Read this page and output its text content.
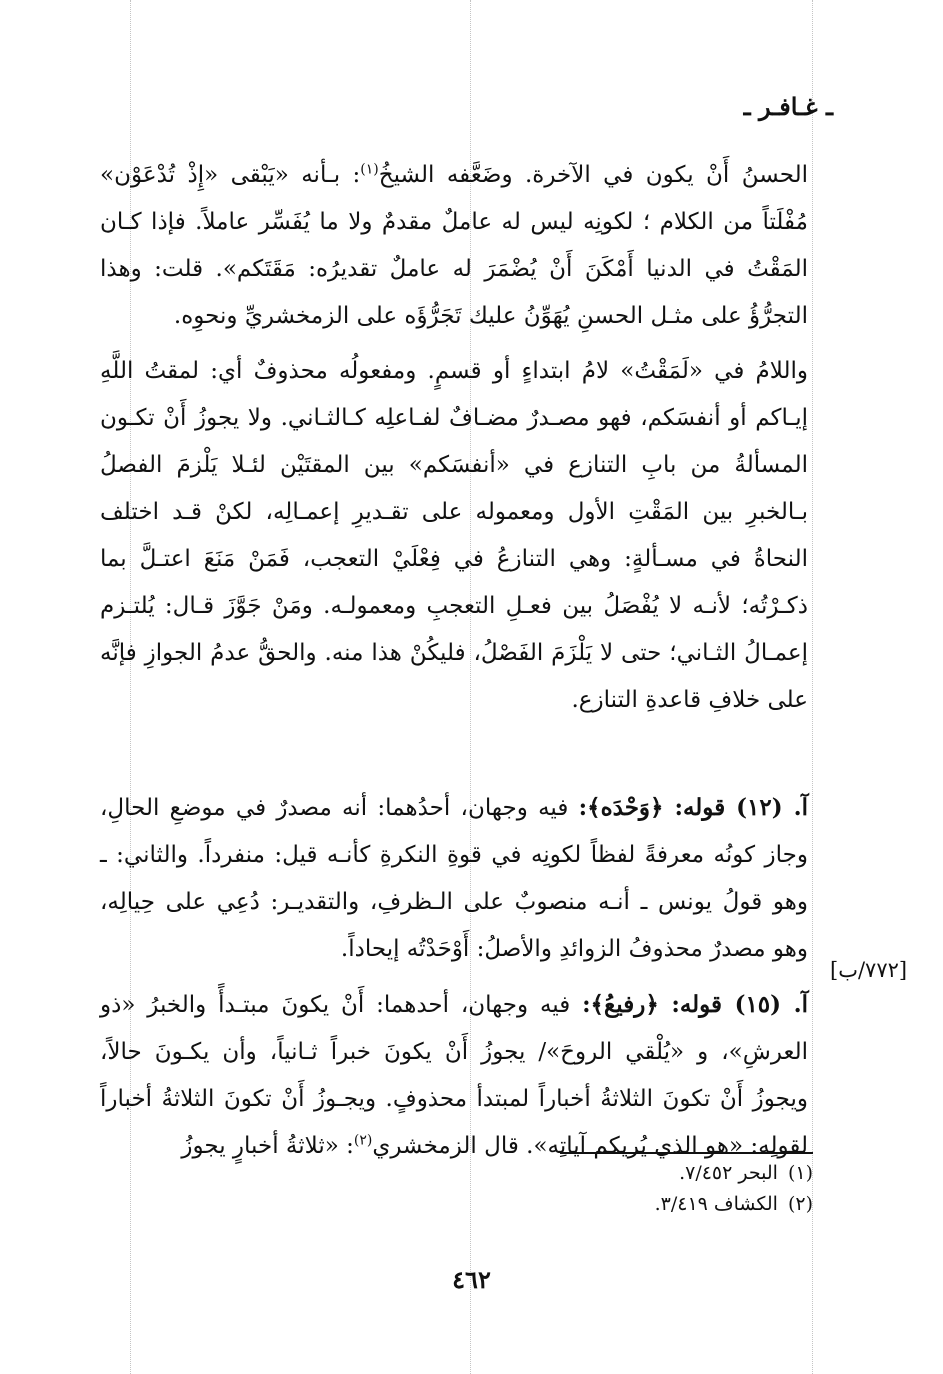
ـ غـافـر ـ

الحسنُ أَنْ يكون في الآخرة. وضَعَّفه الشيخُ$^{(١)}$: بـأنه «يَبْقى «إِذْ تُدْعَوْن» مُفْلَتاً من الكلام ؛ لكونِه ليس له عاملٌ مقدمٌ ولا ما يُفَسِّر عاملاً. فإذا كـان المَقْتُ في الدنيا أَمْكَنَ أَنْ يُضْمَرَ له عاملٌ تقديرُه: مَقَتَكم». قلت: وهذا التجرُّؤُ على مثـل الحسنِ يُهَوِّنُ عليك تَجَرُّؤَه على الزمخشريِّ ونحوِه.

واللامُ في «لَمَقْتُ» لامُ ابتداءٍ أو قسمٍ. ومفعولُه محذوفٌ أي: لمقتُ اللَّهِ إيـاكم أو أنفسَكم، فهو مصـدرٌ مضـافٌ لفـاعلِه كـالثـاني. ولا يجوزُ أَنْ تكـون المسألةُ من بابِ التنازع في «أنفسَكم» بين المقتَيْن لئـلا يَلْزمَ الفصلُ بـالخبرِ بين المَقْتِ الأول ومعموله على تقـديرِ إعمـالِه، لكنْ قـد اختلف النحاةُ في مسـألةٍ: وهي التنازعُ في فِعْلَيْ التعجب، فَمَنْ مَنَعَ اعتـلَّ بما ذكـرْتُه؛ لأنـه لا يُفْصَلُ بين فعـلِ التعجبِ ومعمولـه. ومَنْ جَوَّزَ قـال: يُلتـزم إعمـالُ الثـاني؛ حتى لا يَلْزَمَ الفَصْلُ، فليكُنْ هذا منه. والحقُّ عدمُ الجوازِ فإنَّه على خلافِ قاعدةِ التنازع.

آ. (١٢) قوله: ﴿وَحْدَه﴾: فيه وجهان، أحدُهما: أنه مصدرٌ في موضعِ الحالِ، وجاز كونُه معرفةً لفظاً لكونِه في قوةِ النكرةِ كأنـه قيل: منفرداً. والثاني: ـ وهو قولُ يونس ـ أنـه منصوبٌ على الـظرفِ، والتقديـر: دُعِي على حِيالِه، وهو مصدرٌ محذوفُ الزوائدِ والأصلُ: أَوْحَدْتُه إيحاداً.

آ. (١٥) قوله: ﴿رفيعُ﴾: فيه وجهان، أحدهما: أَنْ يكونَ مبتـدأً والخبرُ «ذو العرشِ»، و «يُلْقي الروحَ»/ يجوزُ أَنْ يكونَ خبراً ثـانياً، وأن يكـونَ حالاً، ويجوزُ أَنْ تكونَ الثلاثةُ أخباراً لمبتدأ محذوفٍ. ويجـوزُ أَنْ تكونَ الثلاثةُ أخباراً لقولِه: «هو الذي يُريكم آياتِه». قال الزمخشري$^{(٢)}$: «ثلاثةُ أخبارٍ يجوزُ

[٧٧٢/ب]
(١)البحر ٧/٤٥٢.
(٢)الكشاف ٣/٤١٩.
٤٦٢
